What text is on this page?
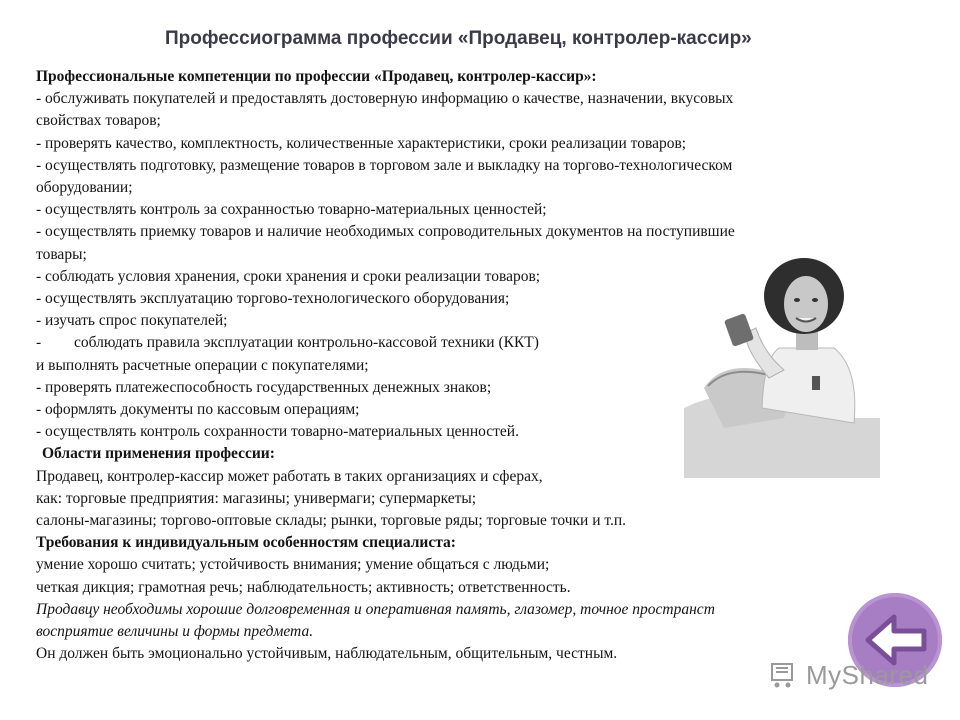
Профессиограмма профессии «Продавец, контролер-кассир»
Профессиональные компетенции по профессии «Продавец, контролер-кассир»:
- обслуживать покупателей и предоставлять достоверную информацию о качестве, назначении, вкусовых
свойствах товаров;
- проверять качество, комплектность, количественные характеристики, сроки реализации товаров;
- осуществлять подготовку, размещение товаров в торговом зале и выкладку на торгово-технологическом
оборудовании;
- осуществлять контроль за сохранностью товарно-материальных ценностей;
- осуществлять приемку товаров и наличие необходимых сопроводительных документов на поступившие
товары;
- соблюдать условия хранения, сроки хранения и сроки реализации товаров;
- осуществлять эксплуатацию торгово-технологического оборудования;
- изучать спрос покупателей;
- соблюдать правила эксплуатации контрольно-кассовой техники (ККТ)
и выполнять расчетные операции с покупателями;
- проверять платежеспособность государственных денежных знаков;
- оформлять документы по кассовым операциям;
- осуществлять контроль сохранности товарно-материальных ценностей.
Области применения профессии:
Продавец, контролер-кассир может работать в таких организациях и сферах,
как: торговые предприятия: магазины; универмаги; супермаркеты;
салоны-магазины; торгово-оптовые склады; рынки, торговые ряды; торговые точки и т.п.
Требования к индивидуальным особенностям специалиста:
умение хорошо считать; устойчивость внимания; умение общаться с людьми;
четкая дикция; грамотная речь; наблюдательность; активность; ответственность.
Продавцу необходимы хорошие долговременная и оперативная память, глазомер, точное пространст
восприятие величины и формы предмета.
Он должен быть эмоционально устойчивым, наблюдательным, общительным, честным.
MyShared
